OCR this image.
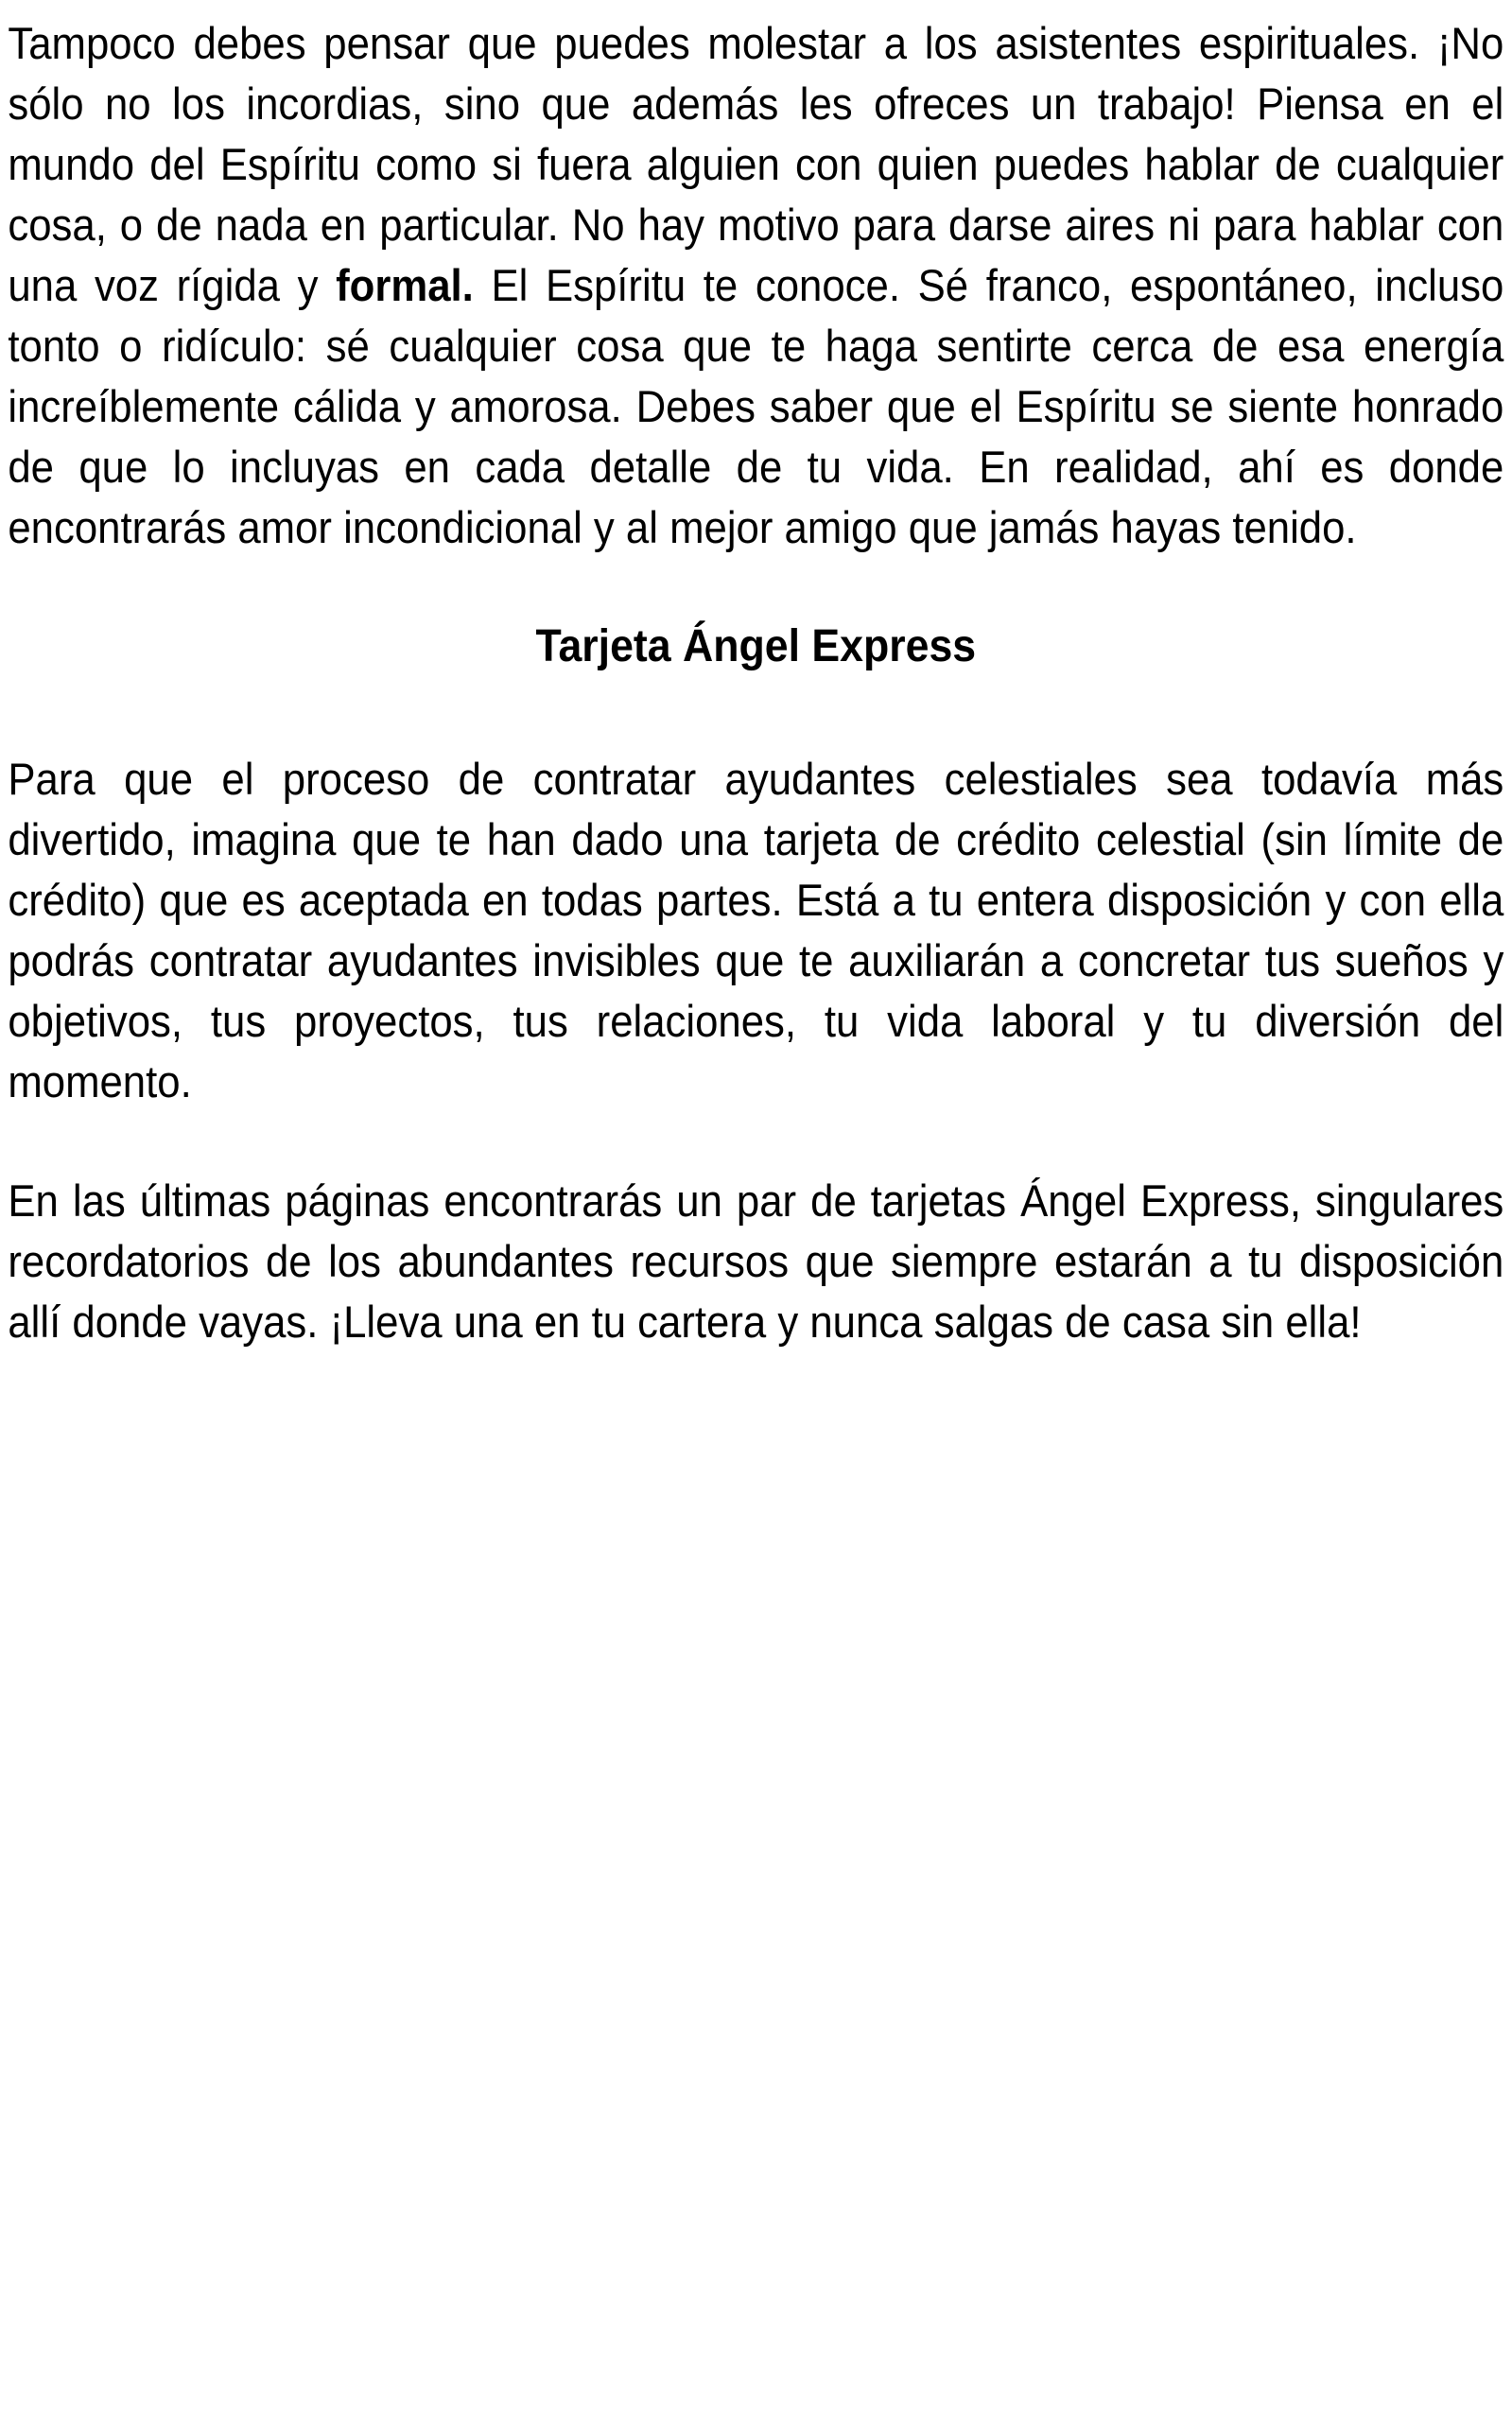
Tampoco debes pensar que puedes molestar a los asistentes espirituales. ¡No sólo no los incordias, sino que además les ofreces un trabajo! Piensa en el mundo del Espíritu como si fuera alguien con quien puedes hablar de cualquier cosa, o de nada en particular. No hay motivo para darse aires ni para hablar con una voz rígida y formal. El Espíritu te conoce. Sé franco, espontáneo, incluso tonto o ridículo: sé cualquier cosa que te haga sentirte cerca de esa energía increíblemente cálida y amorosa. Debes saber que el Espíritu se siente honrado de que lo incluyas en cada detalle de tu vida. En realidad, ahí es donde encontrarás amor incondicional y al mejor amigo que jamás hayas tenido.

Tarjeta Ángel Express

Para que el proceso de contratar ayudantes celestiales sea todavía más divertido, imagina que te han dado una tarjeta de crédito celestial (sin límite de crédito) que es aceptada en todas partes. Está a tu entera disposición y con ella podrás contratar ayudantes invisibles que te auxiliarán a concretar tus sueños y objetivos, tus proyectos, tus relaciones, tu vida laboral y tu diversión del momento.

En las últimas páginas encontrarás un par de tarjetas Ángel Express, singulares recordatorios de los abundantes recursos que siempre estarán a tu disposición allí donde vayas. ¡Lleva una en tu cartera y nunca salgas de casa sin ella!
